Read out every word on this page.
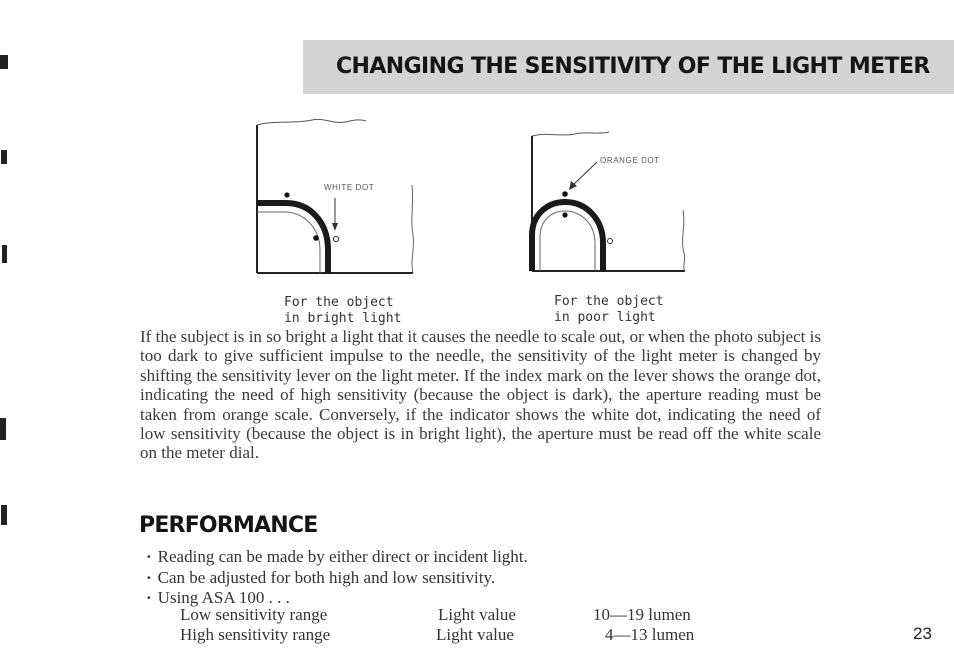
CHANGING THE SENSITIVITY OF THE LIGHT METER
WHITE DOT
For the object
in bright light
ORANGE DOT
For the object
in poor light

If the subject is in so bright a light that it causes the needle to scale out, or when the photo subject is too dark to give sufficient impulse to the needle, the sensitivity of the light meter is changed by shifting the sensitivity lever on the light meter. If the index mark on the lever shows the orange dot, indicating the need of high sensitivity (because the object is dark), the aperture reading must be taken from orange scale. Conversely, if the indicator shows the white dot, indicating the need of low sensitivity (because the object is in bright light), the aperture must be read off the white scale on the meter dial.

PERFORMANCE
· Reading can be made by either direct or incident light.
· Can be adjusted for both high and low sensitivity.
· Using ASA 100 . . .
Low sensitivity range	Light value	10—19 lumen
High sensitivity range	Light value	4—13 lumen	23
